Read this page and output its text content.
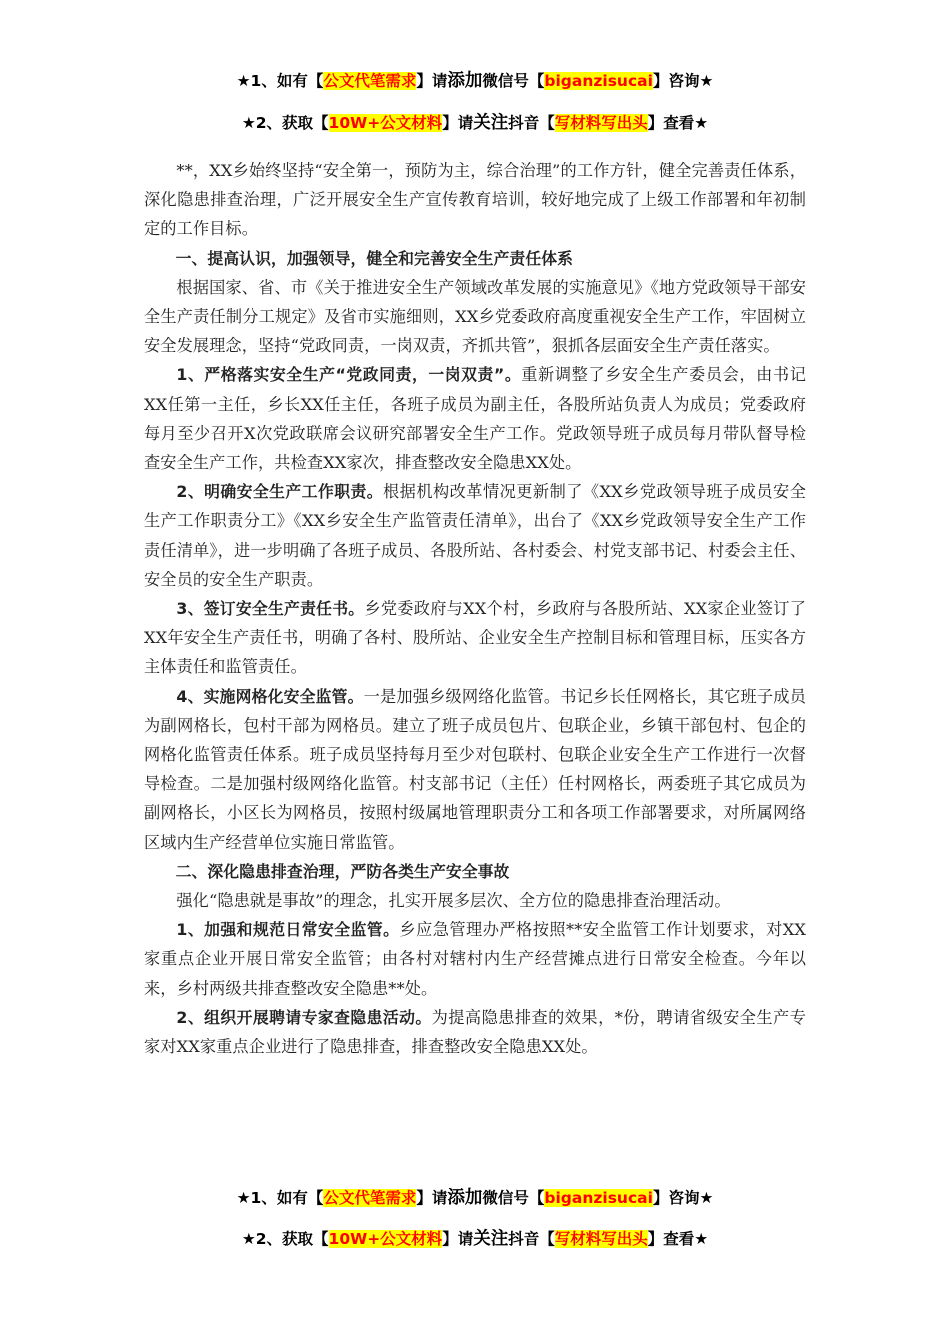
★1、如有【公文代笔需求】请添加微信号【biganzisucai】咨询★
★2、获取【10W+公文材料】请关注抖音【写材料写出头】查看★

**，XX乡始终坚持“安全第一，预防为主，综合治理”的工作方针，健全完善责任体系，深化隐患排查治理，广泛开展安全生产宣传教育培训，较好地完成了上级工作部署和年初制定的工作目标。

一、提高认识，加强领导，健全和完善安全生产责任体系

根据国家、省、市《关于推进安全生产领域改革发展的实施意见》《地方党政领导干部安全生产责任制分工规定》及省市实施细则，XX乡党委政府高度重视安全生产工作，牢固树立安全发展理念，坚持“党政同责，一岗双责，齐抓共管”，狠抓各层面安全生产责任落实。

1、严格落实安全生产“党政同责，一岗双责”。重新调整了乡安全生产委员会，由书记XX任第一主任，乡长XX任主任，各班子成员为副主任，各股所站负责人为成员；党委政府每月至少召开X次党政联席会议研究部署安全生产工作。党政领导班子成员每月带队督导检查安全生产工作，共检查XX家次，排查整改安全隐患XX处。

2、明确安全生产工作职责。根据机构改革情况更新制了《XX乡党政领导班子成员安全生产工作职责分工》《XX乡安全生产监管责任清单》，出台了《XX乡党政领导安全生产工作责任清单》，进一步明确了各班子成员、各股所站、各村委会、村党支部书记、村委会主任、安全员的安全生产职责。

3、签订安全生产责任书。乡党委政府与XX个村，乡政府与各股所站、XX家企业签订了XX年安全生产责任书，明确了各村、股所站、企业安全生产控制目标和管理目标，压实各方主体责任和监管责任。

4、实施网格化安全监管。一是加强乡级网络化监管。书记乡长任网格长，其它班子成员为副网格长，包村干部为网格员。建立了班子成员包片、包联企业，乡镇干部包村、包企的网格化监管责任体系。班子成员坚持每月至少对包联村、包联企业安全生产工作进行一次督导检查。二是加强村级网络化监管。村支部书记（主任）任村网格长，两委班子其它成员为副网格长，小区长为网格员，按照村级属地管理职责分工和各项工作部署要求，对所属网络区域内生产经营单位实施日常监管。

二、深化隐患排查治理，严防各类生产安全事故

强化“隐患就是事故”的理念，扎实开展多层次、全方位的隐患排查治理活动。

1、加强和规范日常安全监管。乡应急管理办严格按照**安全监管工作计划要求，对XX家重点企业开展日常安全监管；由各村对辖村内生产经营摊点进行日常安全检查。今年以来，乡村两级共排查整改安全隐患**处。

2、组织开展聘请专家查隐患活动。为提高隐患排查的效果，*份，聘请省级安全生产专家对XX家重点企业进行了隐患排查，排查整改安全隐患XX处。

★1、如有【公文代笔需求】请添加微信号【biganzisucai】咨询★
★2、获取【10W+公文材料】请关注抖音【写材料写出头】查看★
